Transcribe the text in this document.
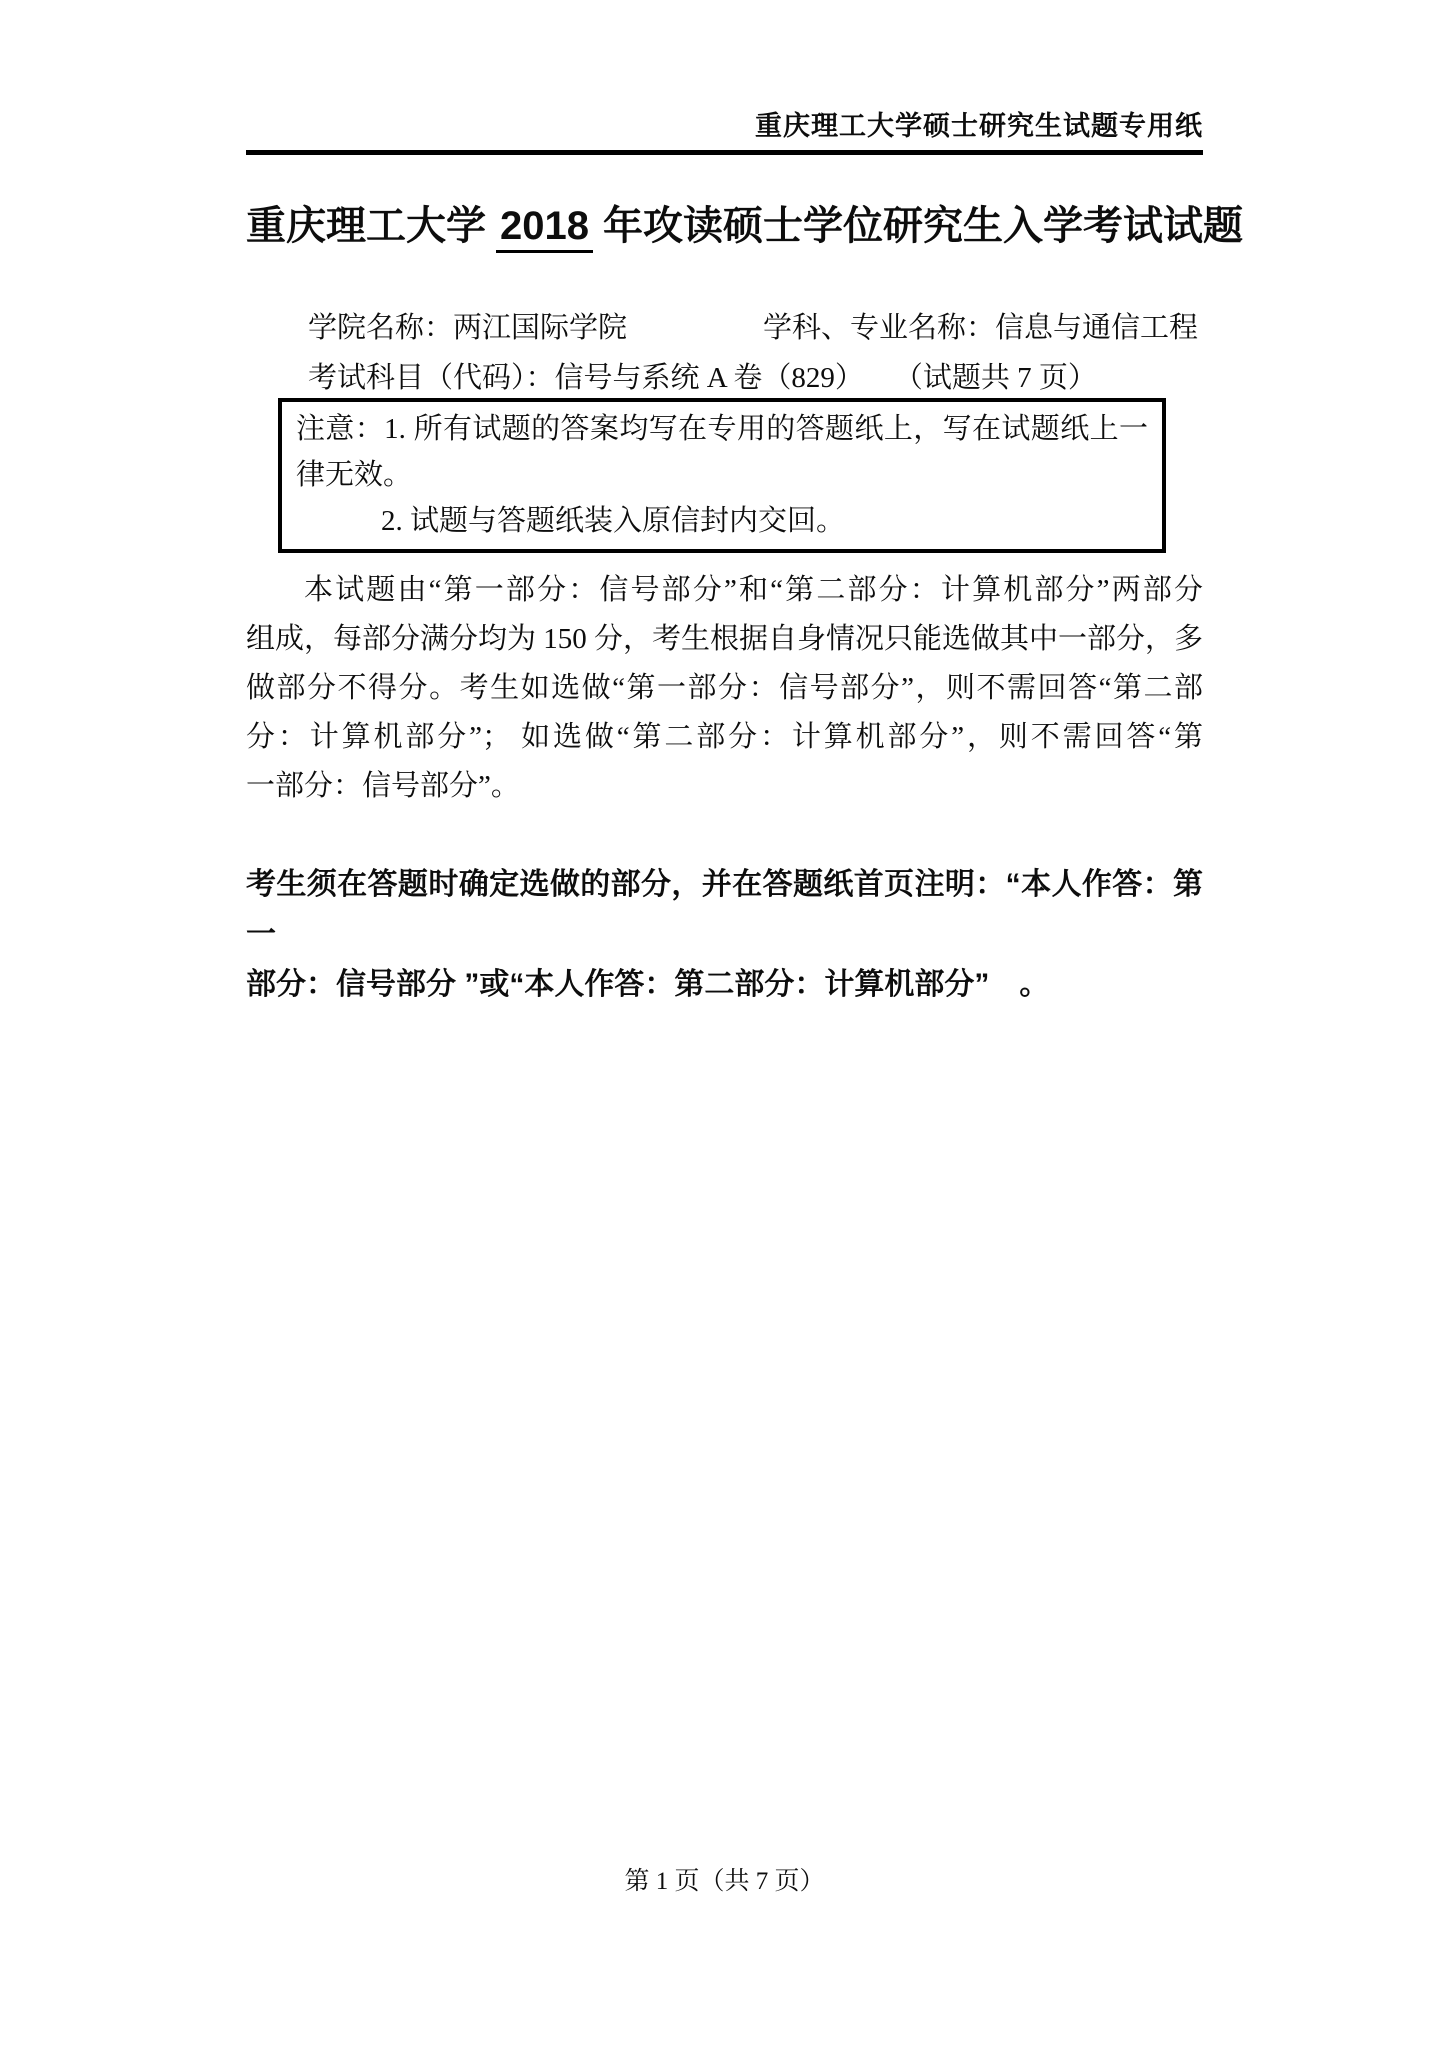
重庆理工大学硕士研究生试题专用纸
重庆理工大学 2018 年攻读硕士学位研究生入学考试试题
学院名称：两江国际学院	学科、专业名称：信息与通信工程
考试科目（代码）：信号与系统 A 卷（829） （试题共 7 页）
注意：1. 所有试题的答案均写在专用的答题纸上，写在试题纸上一
律无效。
2. 试题与答题纸装入原信封内交回。
本试题由“第一部分：信号部分”和“第二部分：计算机部分”两部分
组成，每部分满分均为 150 分，考生根据自身情况只能选做其中一部分，多
做部分不得分。考生如选做“第一部分：信号部分”，则不需回答“第二部
分：计算机部分”； 如选做“第二部分：计算机部分”，则不需回答“第
一部分：信号部分”。
考生须在答题时确定选做的部分，并在答题纸首页注明：“本人作答：第一
部分：信号部分 ”或“本人作答：第二部分：计算机部分”　。
第 1 页（共 7 页）
